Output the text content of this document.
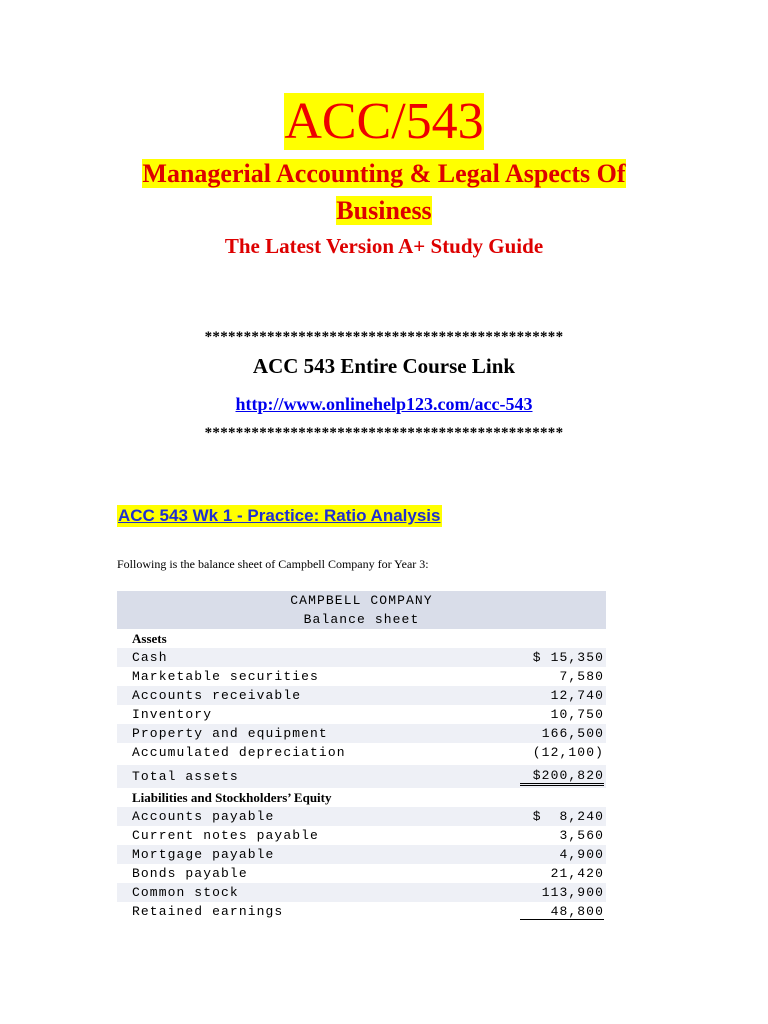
ACC/543
Managerial Accounting & Legal Aspects Of Business
The Latest Version A+ Study Guide
**********************************************
ACC 543 Entire Course Link
http://www.onlinehelp123.com/acc-543
**********************************************
ACC 543 Wk 1 - Practice: Ratio Analysis
Following is the balance sheet of Campbell Company for Year 3:
CAMPBELL COMPANY
Balance sheet
Assets
Cash	$ 15,350
Marketable securities	7,580
Accounts receivable	12,740
Inventory	10,750
Property and equipment	166,500
Accumulated depreciation	(12,100)
Total assets	$200,820
Liabilities and Stockholders’ Equity
Accounts payable	$  8,240
Current notes payable	3,560
Mortgage payable	4,900
Bonds payable	21,420
Common stock	113,900
Retained earnings	48,800
